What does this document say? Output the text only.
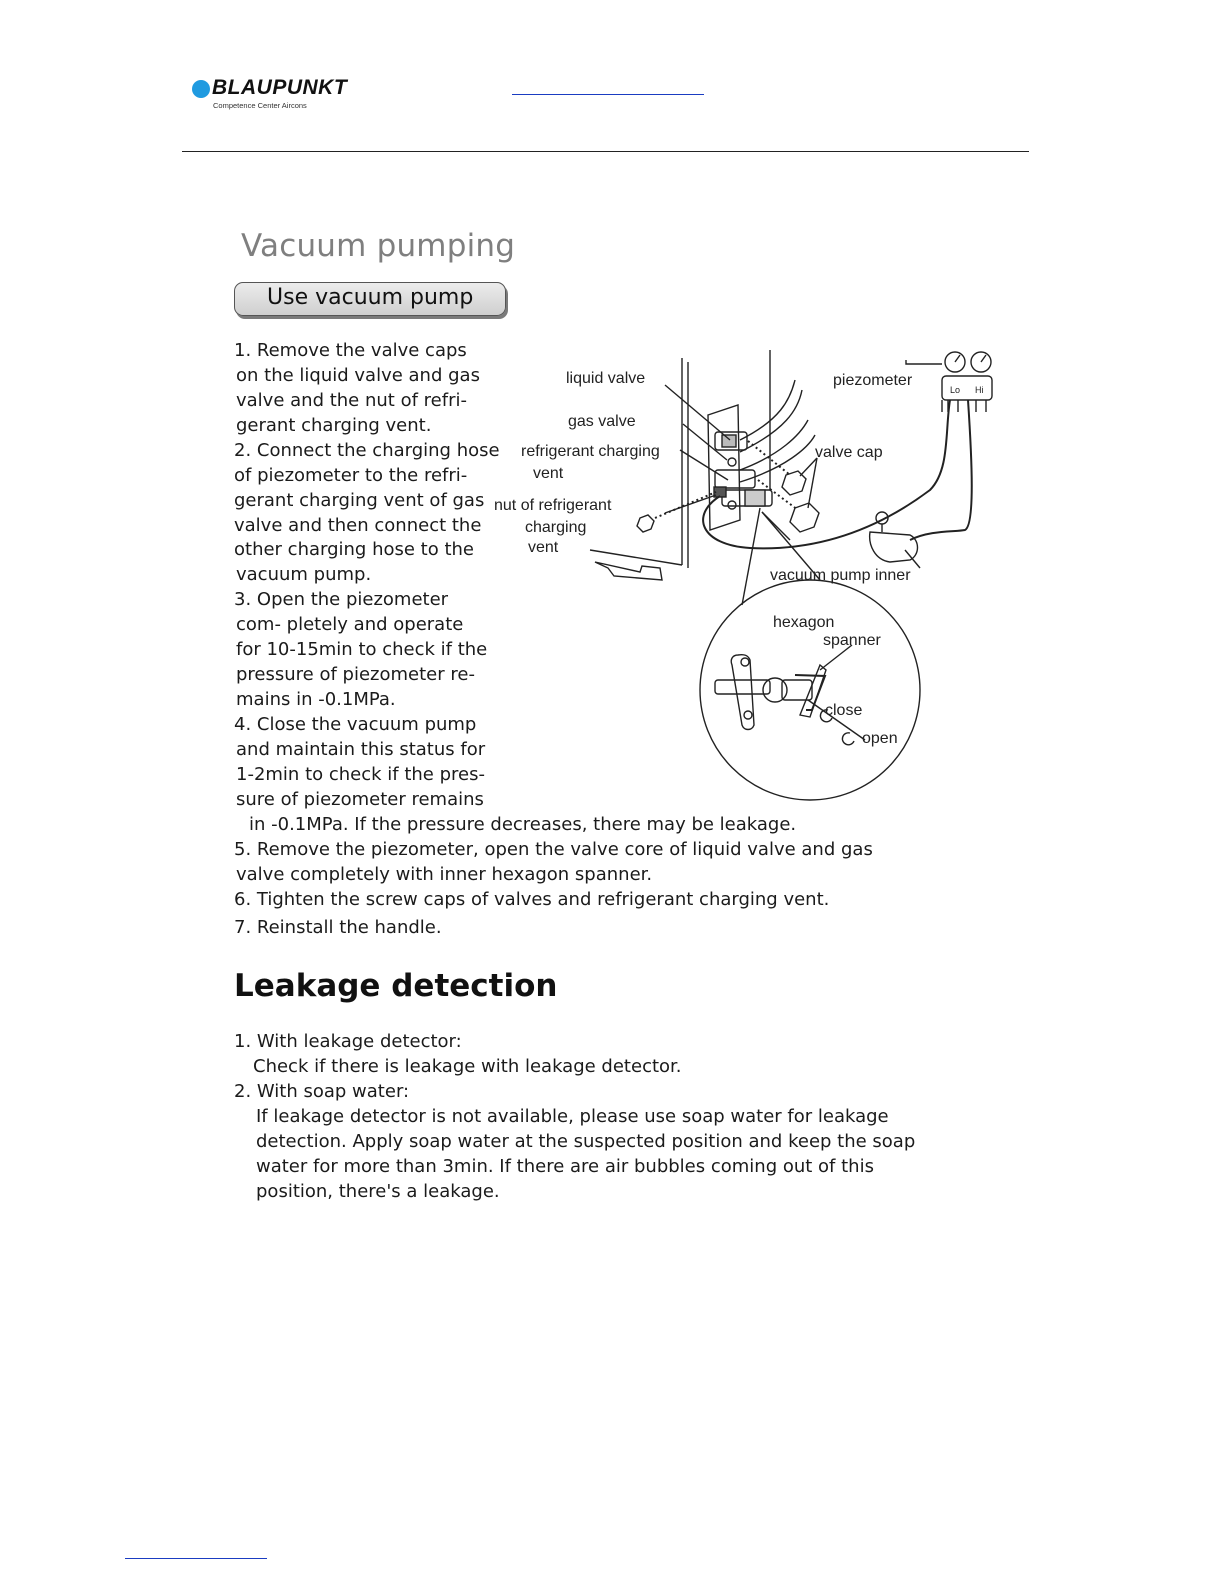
BLAUPUNKT
Competence Center Aircons
Vacuum pumping
Use vacuum pump
1. Remove the valve caps
on the liquid valve and gas
valve and the nut of refri-
gerant charging vent.
2. Connect the charging hose
of piezometer to the refri-
gerant charging vent of gas
valve and then connect the
other charging hose to the
vacuum pump.
3. Open the piezometer
com- pletely and operate
for 10-15min to check if the
pressure of piezometer re-
mains in -0.1MPa.
4. Close the vacuum pump
and maintain this status for
1-2min to check if the pres-
sure of piezometer remains
in -0.1MPa. If the pressure decreases, there may be leakage.
5. Remove the piezometer, open the valve core of liquid valve and gas
valve completely with inner hexagon spanner.
6. Tighten the screw caps of valves and refrigerant charging vent.
7. Reinstall the handle.
liquid valve
gas valve
refrigerant charging
vent
nut of refrigerant
charging
vent
piezometer
valve cap
vacuum pump inner
hexagon
spanner
close
open
Lo Hi
Leakage detection
1. With leakage detector:
Check if there is leakage with leakage detector.
2. With soap water:
If leakage detector is not available, please use soap water for leakage
detection. Apply soap water at the suspected position and keep the soap
water for more than 3min. If there are air bubbles coming out of this
position, there's a leakage.
